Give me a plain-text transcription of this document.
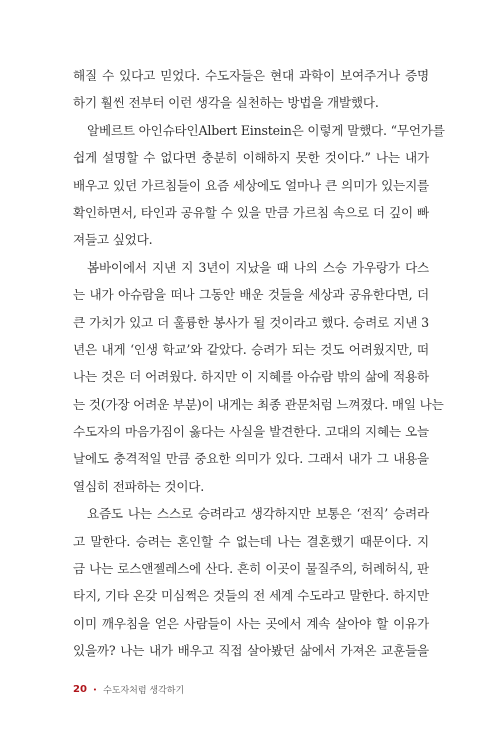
해질 수 있다고 믿었다. 수도자들은 현대 과학이 보여주거나 증명
하기 훨씬 전부터 이런 생각을 실천하는 방법을 개발했다.
알베르트 아인슈타인Albert Einstein은 이렇게 말했다. “무언가를
쉽게 설명할 수 없다면 충분히 이해하지 못한 것이다.” 나는 내가
배우고 있던 가르침들이 요즘 세상에도 얼마나 큰 의미가 있는지를
확인하면서, 타인과 공유할 수 있을 만큼 가르침 속으로 더 깊이 빠
져들고 싶었다.
봄바이에서 지낸 지 3년이 지났을 때 나의 스승 가우랑가 다스
는 내가 아슈람을 떠나 그동안 배운 것들을 세상과 공유한다면, 더
큰 가치가 있고 더 훌륭한 봉사가 될 것이라고 했다. 승려로 지낸 3
년은 내게 ‘인생 학교’와 같았다. 승려가 되는 것도 어려웠지만, 떠
나는 것은 더 어려웠다. 하지만 이 지혜를 아슈람 밖의 삶에 적용하
는 것(가장 어려운 부분)이 내게는 최종 관문처럼 느껴졌다. 매일 나는
수도자의 마음가짐이 옳다는 사실을 발견한다. 고대의 지혜는 오늘
날에도 충격적일 만큼 중요한 의미가 있다. 그래서 내가 그 내용을
열심히 전파하는 것이다.
요즘도 나는 스스로 승려라고 생각하지만 보통은 ‘전직’ 승려라
고 말한다. 승려는 혼인할 수 없는데 나는 결혼했기 때문이다. 지
금 나는 로스앤젤레스에 산다. 흔히 이곳이 물질주의, 허례허식, 판
타지, 기타 온갖 미심쩍은 것들의 전 세계 수도라고 말한다. 하지만
이미 깨우침을 얻은 사람들이 사는 곳에서 계속 살아야 할 이유가
있을까? 나는 내가 배우고 직접 살아봤던 삶에서 가져온 교훈들을
20 • 수도자처럼 생각하기
